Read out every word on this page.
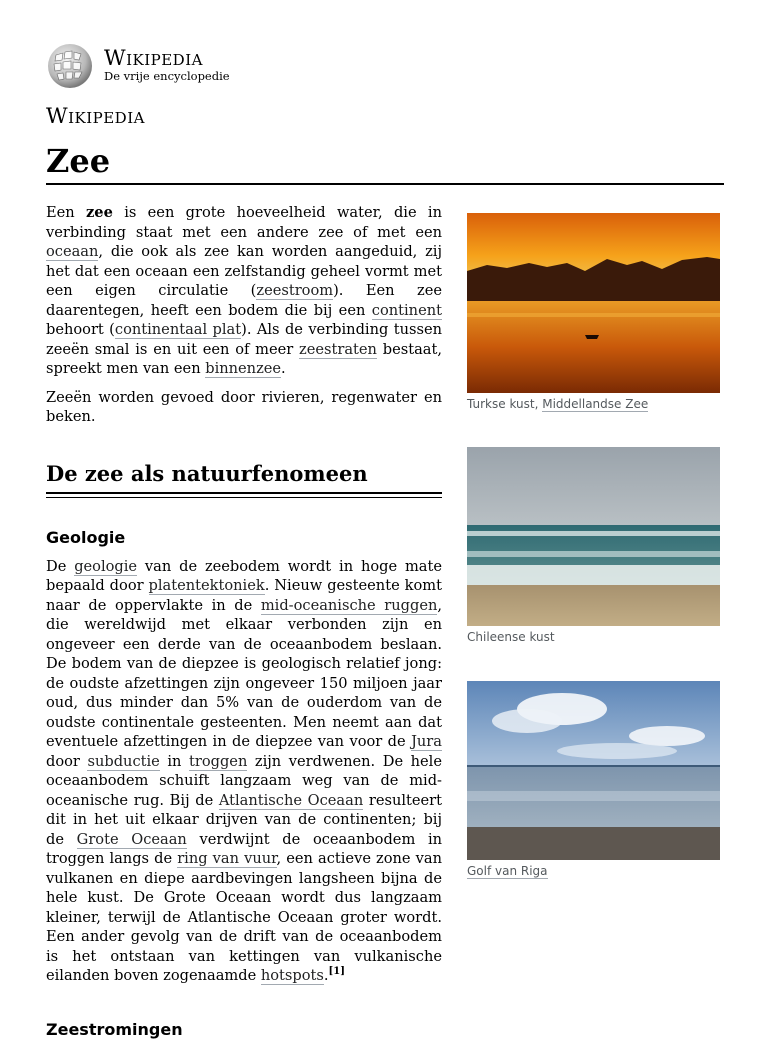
Wikipedia
De vrije encyclopedie
Wikipedia
Zee

Een zee is een grote hoeveelheid water, die in verbinding staat met een andere zee of met een oceaan, die ook als zee kan worden aangeduid, zij het dat een oceaan een zelfstandig geheel vormt met een eigen circulatie (zeestroom). Een zee daarentegen, heeft een bodem die bij een continent behoort (continentaal plat). Als de verbinding tussen zeeën smal is en uit een of meer zeestraten bestaat, spreekt men van een binnenzee.

Zeeën worden gevoed door rivieren, regenwater en beken.

De zee als natuurfenomeen
Geologie

De geologie van de zeebodem wordt in hoge mate bepaald door platentektoniek. Nieuw gesteente komt naar de oppervlakte in de mid-oceanische ruggen, die wereldwijd met elkaar verbonden zijn en ongeveer een derde van de oceaanbodem beslaan. De bodem van de diepzee is geologisch relatief jong: de oudste afzettingen zijn ongeveer 150 miljoen jaar oud, dus minder dan 5% van de ouderdom van de oudste continentale gesteenten. Men neemt aan dat eventuele afzettingen in de diepzee van voor de Jura door subductie in troggen zijn verdwenen. De hele oceaanbodem schuift langzaam weg van de mid-oceanische rug. Bij de Atlantische Oceaan resulteert dit in het uit elkaar drijven van de continenten; bij de Grote Oceaan verdwijnt de oceaanbodem in troggen langs de ring van vuur, een actieve zone van vulkanen en diepe aardbevingen langsheen bijna de hele kust. De Grote Oceaan wordt dus langzaam kleiner, terwijl de Atlantische Oceaan groter wordt. Een ander gevolg van de drift van de oceaanbodem is het ontstaan van kettingen van vulkanische eilanden boven zogenaamde hotspots.[1]

Zeestromingen
Turkse kust, Middellandse Zee
Chileense kust
Golf van Riga
